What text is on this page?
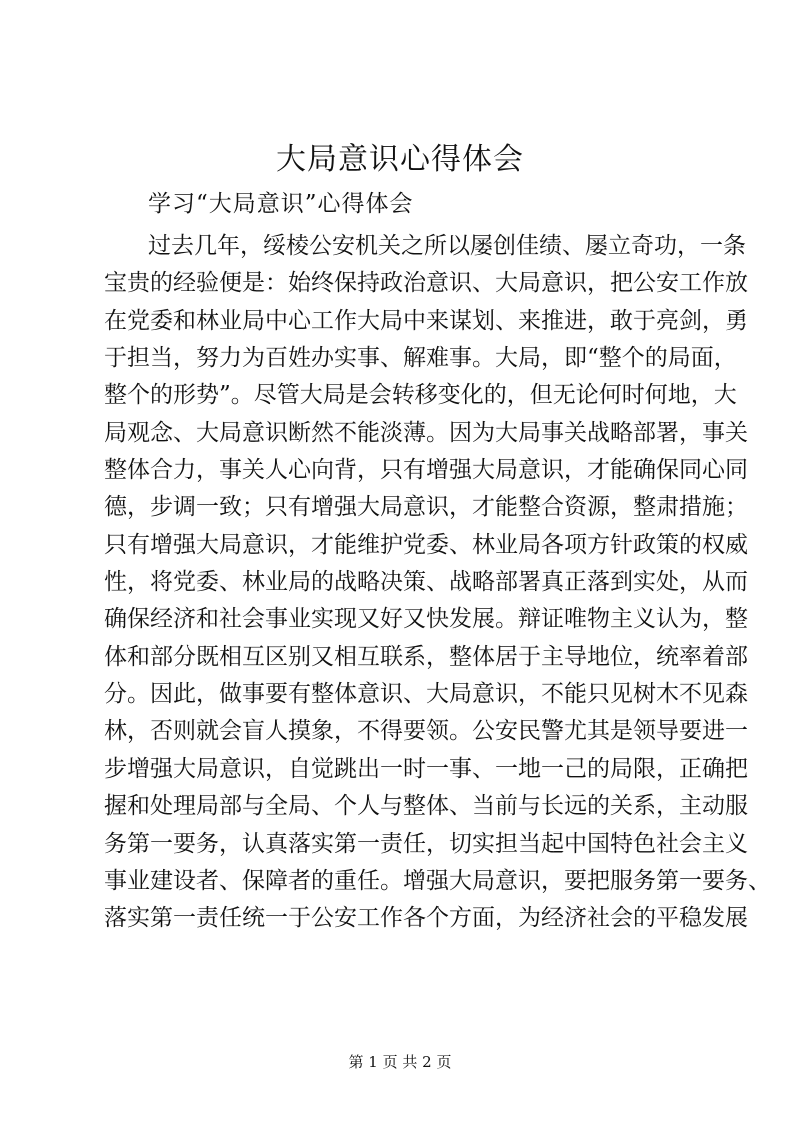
大局意识心得体会

学习“大局意识”心得体会

过去几年，绥棱公安机关之所以屡创佳绩、屡立奇功，一条

宝贵的经验便是：始终保持政治意识、大局意识，把公安工作放

在党委和林业局中心工作大局中来谋划、来推进，敢于亮剑，勇

于担当，努力为百姓办实事、解难事。大局，即“整个的局面，

整个的形势”。尽管大局是会转移变化的，但无论何时何地，大

局观念、大局意识断然不能淡薄。因为大局事关战略部署，事关

整体合力，事关人心向背，只有增强大局意识，才能确保同心同

德，步调一致；只有增强大局意识，才能整合资源，整肃措施；

只有增强大局意识，才能维护党委、林业局各项方针政策的权威

性，将党委、林业局的战略决策、战略部署真正落到实处，从而

确保经济和社会事业实现又好又快发展。辩证唯物主义认为，整

体和部分既相互区别又相互联系，整体居于主导地位，统率着部

分。因此，做事要有整体意识、大局意识，不能只见树木不见森

林，否则就会盲人摸象，不得要领。公安民警尤其是领导要进一

步增强大局意识，自觉跳出一时一事、一地一己的局限，正确把

握和处理局部与全局、个人与整体、当前与长远的关系，主动服

务第一要务，认真落实第一责任，切实担当起中国特色社会主义

事业建设者、保障者的重任。增强大局意识，要把服务第一要务、

落实第一责任统一于公安工作各个方面，为经济社会的平稳发展

第 1 页 共 2 页
